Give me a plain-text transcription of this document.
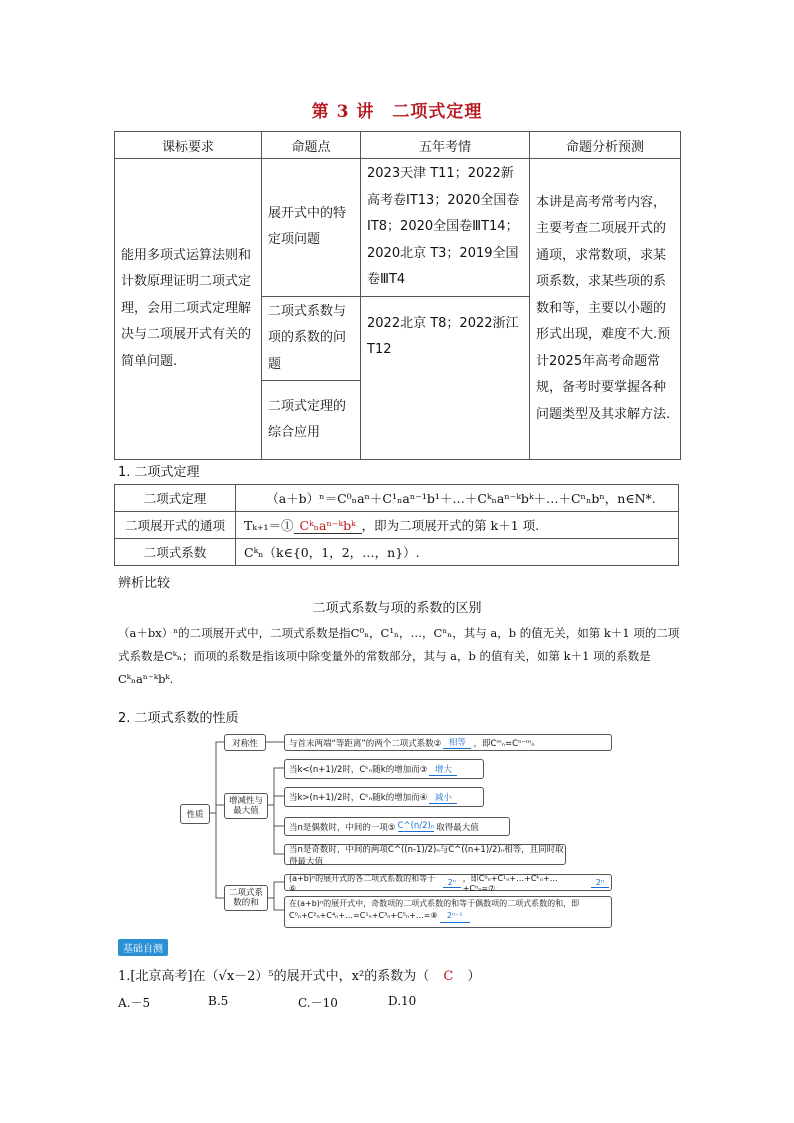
第 3 讲　二项式定理
课标要求	命题点	五年考情	命题分析预测
能用多项式运算法则和计数原理证明二项式定理，会用二项式定理解决与二项展开式有关的简单问题.	展开式中的特定项问题	2023天津 T11；2022新高考卷ⅠT13；2020全国卷ⅠT8；2020全国卷ⅢT14；2020北京 T3；2019全国卷ⅢT4	本讲是高考常考内容，主要考查二项展开式的通项，求常数项，求某项系数，求某些项的系数和等，主要以小题的形式出现，难度不大.预计2025年高考命题常规，备考时要掌握各种问题类型及其求解方法.
	二项式系数与项的系数的问题	2022北京 T8；2022浙江 T12	
	二项式定理的综合应用		
1. 二项式定理
二项式定理	（a＋b）ⁿ＝C⁰ₙaⁿ＋C¹ₙaⁿ⁻¹b¹＋…＋Cᵏₙaⁿ⁻ᵏbᵏ＋…＋Cⁿₙbⁿ，n∈N*.
二项展开式的通项	Tₖ₊₁＝① Cᵏₙaⁿ⁻ᵏbᵏ ，即为二项展开式的第 k＋1 项.
二项式系数	Cᵏₙ（k∈{0，1，2，…，n}）.
辨析比较
二项式系数与项的系数的区别
（a＋bx）ⁿ的二项展开式中，二项式系数是指C⁰ₙ，C¹ₙ，…，Cⁿₙ，其与 a，b 的值无关，如第 k＋1 项的二项式系数是Cᵏₙ；而项的系数是指该项中除变量外的常数部分，其与 a，b 的值有关，如第 k＋1 项的系数是Cᵏₙaⁿ⁻ᵏbᵏ.
2. 二项式系数的性质
性质
对称性
增减性与最大值
二项式系数的和
与首末两端“等距离”的两个二项式系数② 相等 ，即Cᵐₙ=Cⁿ⁻ᵐₙ
当k<(n+1)/2时，Cᵏₙ随k的增加而③ 增大
当k>(n+1)/2时，Cᵏₙ随k的增加而④ 减小
当n是偶数时，中间的一项⑤ C^(n/2)ₙ 取得最大值
当n是奇数时，中间的两项C^((n-1)/2)ₙ与C^((n+1)/2)ₙ相等，且同时取得最大值
(a+b)ⁿ的展开式的各二项式系数的和等于⑥
2ⁿ ，即C⁰ₙ+C¹ₙ+…+Cᵏₙ+…+Cⁿₙ=⑦
2ⁿ
在(a+b)ⁿ的展开式中，奇数项的二项式系数的和等于偶数项的二项式系数的和，即C⁰ₙ+C²ₙ+C⁴ₙ+…=C¹ₙ+C³ₙ+C⁵ₙ+…=⑧ 2ⁿ⁻¹
基础自测
1.[北京高考]在（√x－2）⁵的展开式中，x²的系数为（ C ）
A.－5	B.5	C.－10	D.10
